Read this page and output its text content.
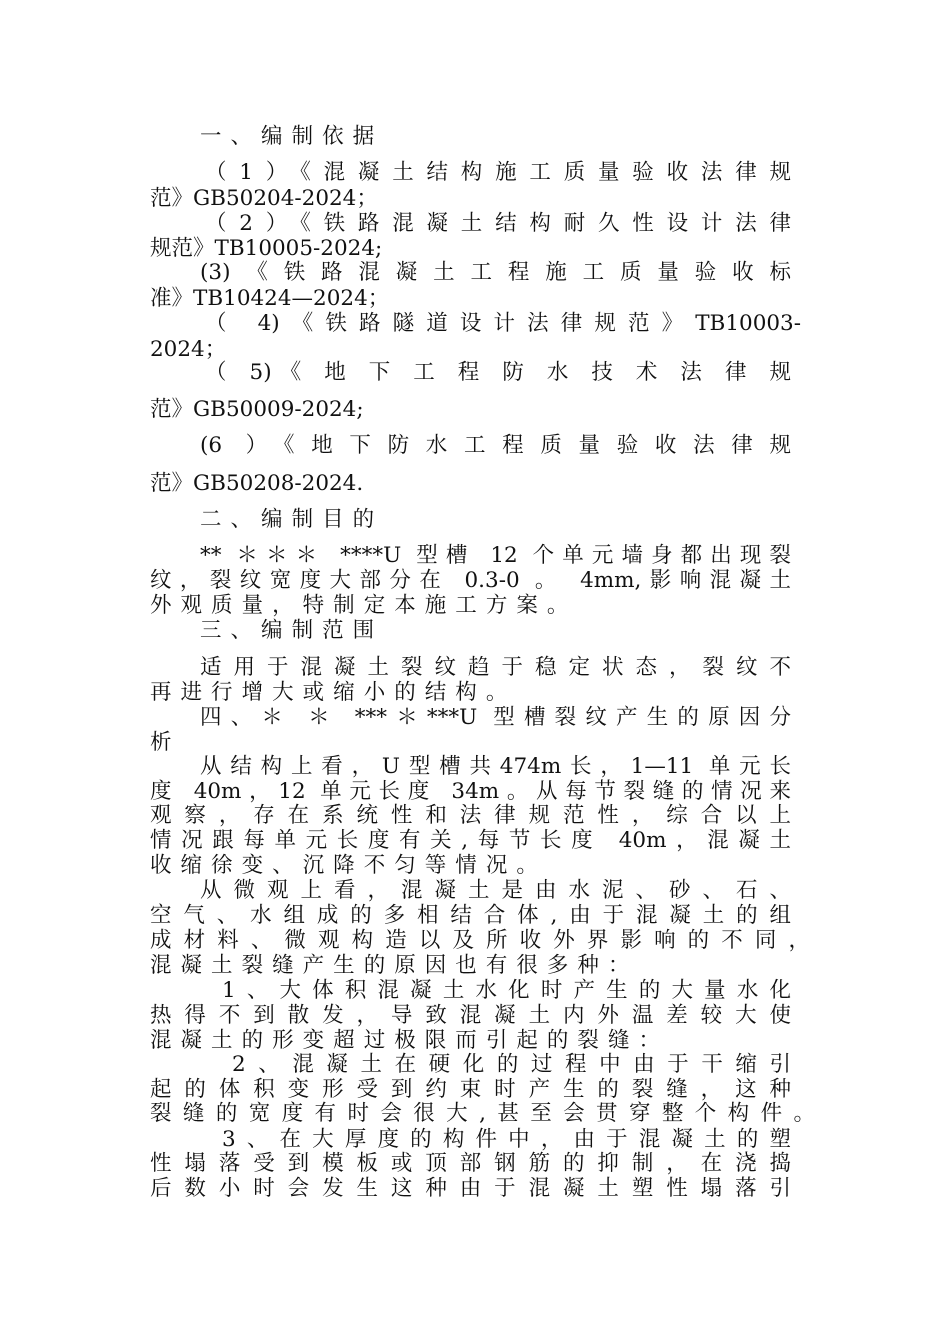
一、编制依据
（1）《混凝土结构施工质量验收法律规
范》GB50204-2024；
（2）《铁路混凝土结构耐久性设计法律
规范》TB10005-2024;
(3)《铁路混凝土工程施工质量验收标
准》TB10424—2024；
（ 4)《铁路隧道设计法律规范》TB10003-
2024；
（ 5)《 地 下 工 程 防 水 技 术 法 律 规
范》GB50009-2024;
(6 ）《地下防水工程质量验收法律规
范》GB50208-2024.
二、编制目的
** ＊＊＊ ****U 型槽 12 个单元墙身都出现裂
纹，裂纹宽度大部分在 0.3-0 。 4mm,影响混凝土
外观质量，特制定本施工方案。
三、编制范围
适用于混凝土裂纹趋于稳定状态，裂纹不
再进行增大或缩小的结构。
四、＊ ＊ ***＊***U 型槽裂纹产生的原因分
析
从结构上看，U型槽共474m长，1—11 单元长
度 40m，12 单元长度 34m。从每节裂缝的情况来
观察，存在系统性和法律规范性，综合以上
情况跟每单元长度有关,每节长度 40m，混凝土
收缩徐变、沉降不匀等情况。
从微观上看，混凝土是由水泥、砂、石、
空气、水组成的多相结合体,由于混凝土的组
成材料、微观构造以及所收外界影响的不同，
混凝土裂缝产生的原因也有很多种：
1、大体积混凝土水化时产生的大量水化
热得不到散发，导致混凝土内外温差较大使
混凝土的形变超过极限而引起的裂缝：
2、混凝土在硬化的过程中由于干缩引
起的体积变形受到约束时产生的裂缝，这种
裂缝的宽度有时会很大,甚至会贯穿整个构件。
3、在大厚度的构件中，由于混凝土的塑
性塌落受到模板或顶部钢筋的抑制，在浇捣
后数小时会发生这种由于混凝土塑性塌落引
